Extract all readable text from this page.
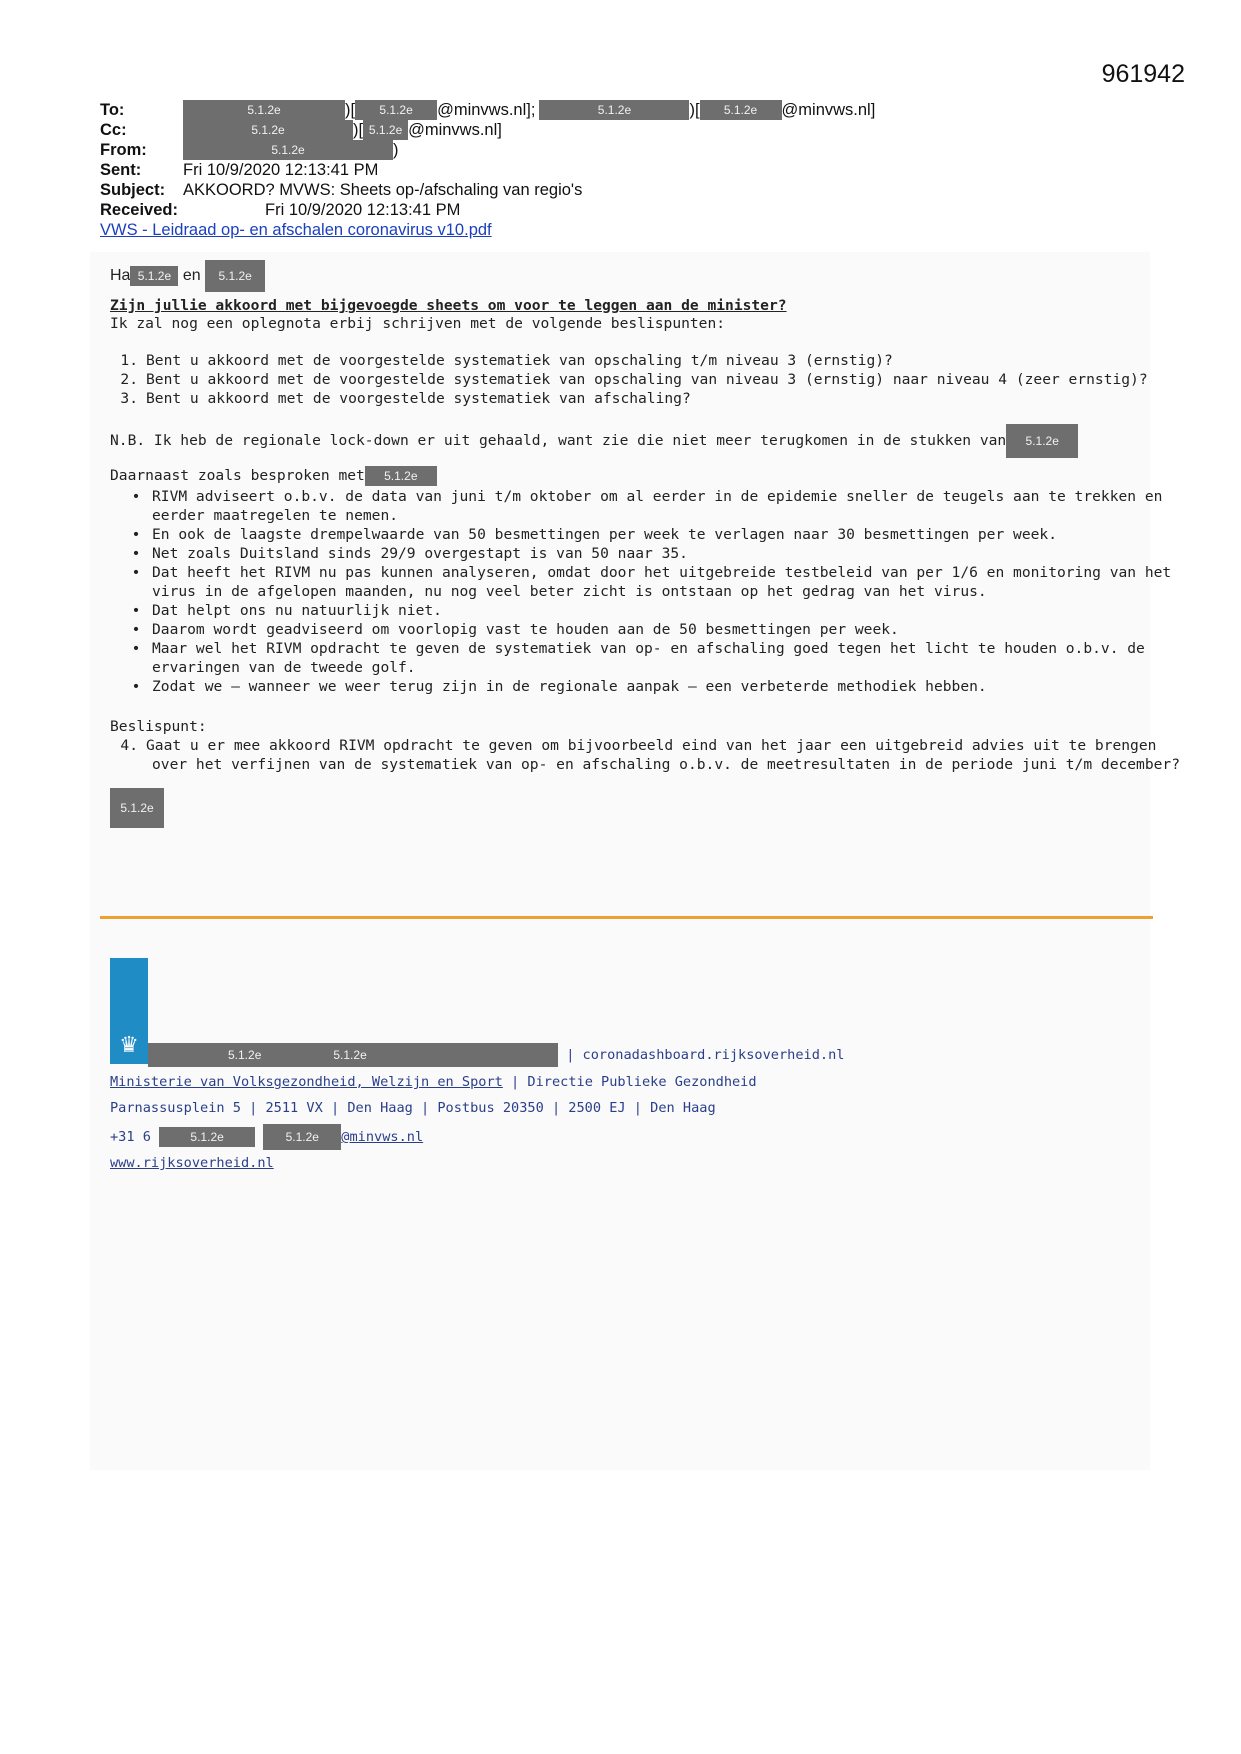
961942
To:	5.1.2e	)[	5.1.2e	@minvws.nl];	5.1.2e	)[	5.1.2e	@minvws.nl]
Cc:	5.1.2e	)[ 5.1.2e @minvws.nl]
From:	5.1.2e	)
Sent:	Fri 10/9/2020 12:13:41 PM
Subject:	AKKOORD? MVWS: Sheets op-/afschaling van regio's
Received:	Fri 10/9/2020 12:13:41 PM
VWS - Leidraad op- en afschalen coronavirus v10.pdf
Ha 5.1.2e en 5.1.2e
Zijn jullie akkoord met bijgevoegde sheets om voor te leggen aan de minister?
Ik zal nog een oplegnota erbij schrijven met de volgende beslispunten:
1. Bent u akkoord met de voorgestelde systematiek van opschaling t/m niveau 3 (ernstig)?
2. Bent u akkoord met de voorgestelde systematiek van opschaling van niveau 3 (ernstig) naar niveau 4 (zeer ernstig)?
3. Bent u akkoord met de voorgestelde systematiek van afschaling?
N.B. Ik heb de regionale lock-down er uit gehaald, want zie die niet meer terugkomen in de stukken van 5.1.2e
Daarnaast zoals besproken met 5.1.2e
• RIVM adviseert o.b.v. de data van juni t/m oktober om al eerder in de epidemie sneller de teugels aan te trekken en
eerder maatregelen te nemen.
• En ook de laagste drempelwaarde van 50 besmettingen per week te verlagen naar 30 besmettingen per week.
• Net zoals Duitsland sinds 29/9 overgestapt is van 50 naar 35.
• Dat heeft het RIVM nu pas kunnen analyseren, omdat door het uitgebreide testbeleid van per 1/6 en monitoring van het
virus in de afgelopen maanden, nu nog veel beter zicht is ontstaan op het gedrag van het virus.
• Dat helpt ons nu natuurlijk niet.
• Daarom wordt geadviseerd om voorlopig vast te houden aan de 50 besmettingen per week.
• Maar wel het RIVM opdracht te geven de systematiek van op- en afschaling goed tegen het licht te houden o.b.v. de
ervaringen van de tweede golf.
• Zodat we – wanneer we weer terug zijn in de regionale aanpak – een verbeterde methodiek hebben.
Beslispunt:
4. Gaat u er mee akkoord RIVM opdracht te geven om bijvoorbeeld eind van het jaar een uitgebreid advies uit te brengen
over het verfijnen van de systematiek van op- en afschaling o.b.v. de meetresultaten in de periode juni t/m december?
5.1.2e
♛	5.1.2e	5.1.2e	| coronadashboard.rijksoverheid.nl
Ministerie van Volksgezondheid, Welzijn en Sport | Directie Publieke Gezondheid
Parnassusplein 5 | 2511 VX | Den Haag | Postbus 20350 | 2500 EJ | Den Haag
+31 6	5.1.2e	5.1.2e @minvws.nl
www.rijksoverheid.nl
